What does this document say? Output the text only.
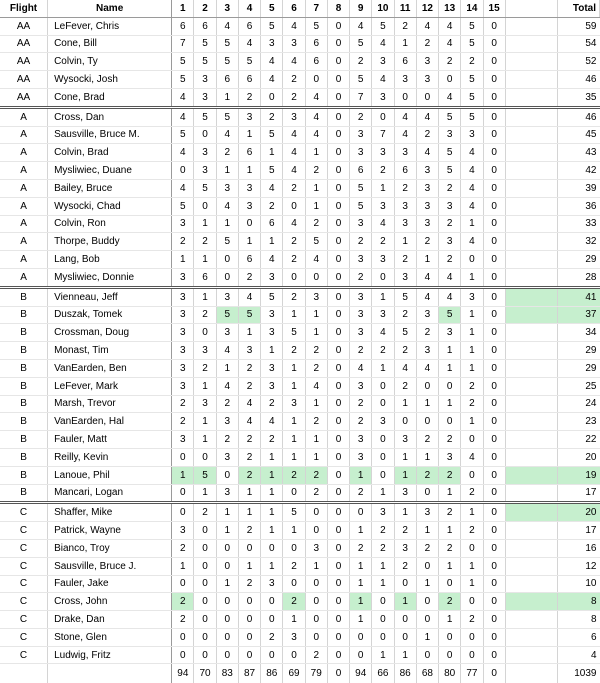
Flight	Name	1	2	3	4	5	6	7	8	9	10	11	12	13	14	15		Total
AA	LeFever, Chris	6	6	4	6	5	4	5	0	4	5	2	4	4	5	0		59
AA	Cone, Bill	7	5	5	4	3	3	6	0	5	4	1	2	4	5	0		54
AA	Colvin, Ty	5	5	5	5	4	4	6	0	2	3	6	3	2	2	0		52
AA	Wysocki, Josh	5	3	6	6	4	2	0	0	5	4	3	3	0	5	0		46
AA	Cone, Brad	4	3	1	2	0	2	4	0	7	3	0	0	4	5	0		35
A	Cross, Dan	4	5	5	3	2	3	4	0	2	0	4	4	5	5	0		46
A	Sausville, Bruce M.	5	0	4	1	5	4	4	0	3	7	4	2	3	3	0		45
A	Colvin, Brad	4	3	2	6	1	4	1	0	3	3	3	4	5	4	0		43
A	Mysliwiec, Duane	0	3	1	1	5	4	2	0	6	2	6	3	5	4	0		42
A	Bailey, Bruce	4	5	3	3	4	2	1	0	5	1	2	3	2	4	0		39
A	Wysocki, Chad	5	0	4	3	2	0	1	0	5	3	3	3	3	4	0		36
A	Colvin, Ron	3	1	1	0	6	4	2	0	3	4	3	3	2	1	0		33
A	Thorpe, Buddy	2	2	5	1	1	2	5	0	2	2	1	2	3	4	0		32
A	Lang, Bob	1	1	0	6	4	2	4	0	3	3	2	1	2	0	0		29
A	Mysliwiec, Donnie	3	6	0	2	3	0	0	0	2	0	3	4	4	1	0		28
B	Vienneau, Jeff	3	1	3	4	5	2	3	0	3	1	5	4	4	3	0		41
B	Duszak, Tomek	3	2	5	5	3	1	1	0	3	3	2	3	5	1	0		37
B	Crossman, Doug	3	0	3	1	3	5	1	0	3	4	5	2	3	1	0		34
B	Monast, Tim	3	3	4	3	1	2	2	0	2	2	2	3	1	1	0		29
B	VanEarden, Ben	3	2	1	2	3	1	2	0	4	1	4	4	1	1	0		29
B	LeFever, Mark	3	1	4	2	3	1	4	0	3	0	2	0	0	2	0		25
B	Marsh, Trevor	2	3	2	4	2	3	1	0	2	0	1	1	1	2	0		24
B	VanEarden, Hal	2	1	3	4	4	1	2	0	2	3	0	0	0	1	0		23
B	Fauler, Matt	3	1	2	2	2	1	1	0	3	0	3	2	2	0	0		22
B	Reilly, Kevin	0	0	3	2	1	1	1	0	3	0	1	1	3	4	0		20
B	Lanoue, Phil	1	5	0	2	1	2	2	0	1	0	1	2	2	0	0		19
B	Mancari, Logan	0	1	3	1	1	0	2	0	2	1	3	0	1	2	0		17
C	Shaffer, Mike	0	2	1	1	1	5	0	0	0	3	1	3	2	1	0		20
C	Patrick, Wayne	3	0	1	2	1	1	0	0	1	2	2	1	1	2	0		17
C	Bianco, Troy	2	0	0	0	0	0	3	0	2	2	3	2	2	0	0		16
C	Sausville, Bruce J.	1	0	0	1	1	2	1	0	1	1	2	0	1	1	0		12
C	Fauler, Jake	0	0	1	2	3	0	0	0	1	1	0	1	0	1	0		10
C	Cross, John	2	0	0	0	0	2	0	0	1	0	1	0	2	0	0		8
C	Drake, Dan	2	0	0	0	0	1	0	0	1	0	0	0	1	2	0		8
C	Stone, Glen	0	0	0	0	2	3	0	0	0	0	0	1	0	0	0		6
C	Ludwig, Fritz	0	0	0	0	0	0	2	0	0	1	1	0	0	0	0		4
		94	70	83	87	86	69	79	0	94	66	86	68	80	77	0		1039
